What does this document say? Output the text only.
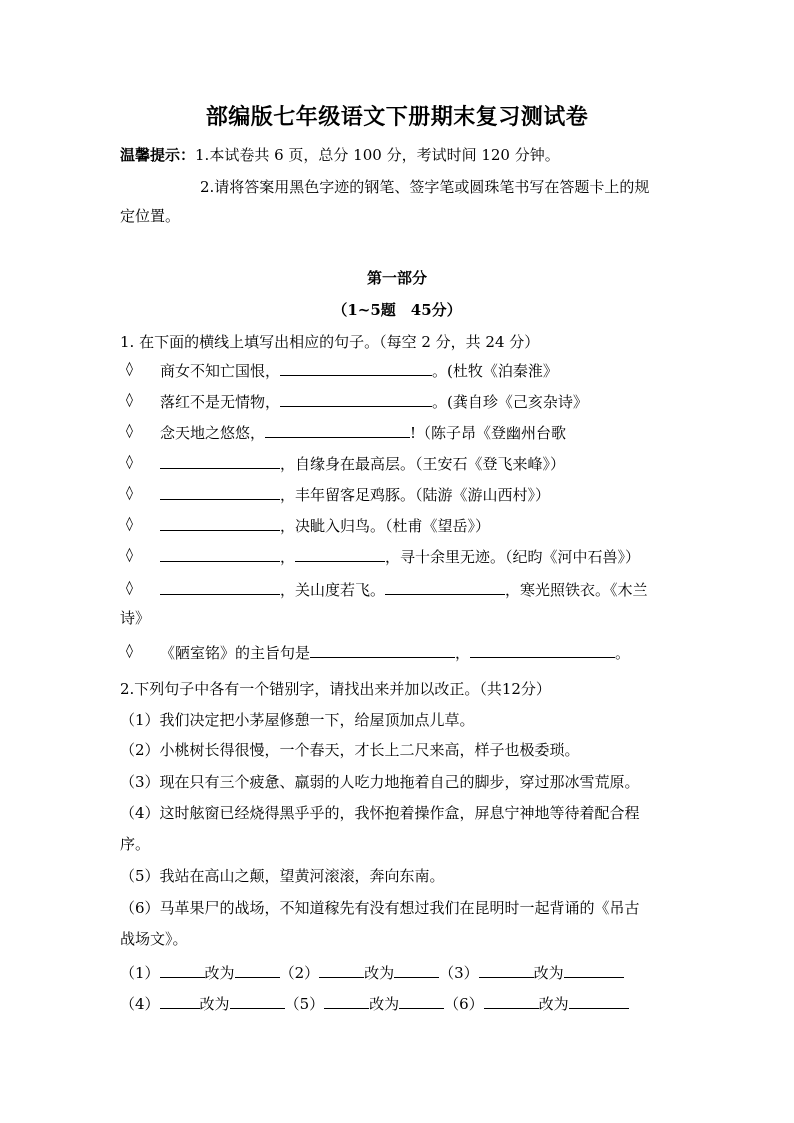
部编版七年级语文下册期末复习测试卷
温馨提示：1.本试卷共 6 页，总分 100 分，考试时间 120 分钟。
2.请将答案用黑色字迹的钢笔、签字笔或圆珠笔书写在答题卡上的规
定位置。
第一部分
（1~5题　45分）
1. 在下面的横线上填写出相应的句子。（每空 2 分，共 24 分）
◊ 商女不知亡国恨，	。(杜牧《泊秦淮》
◊ 落红不是无情物，	。(龚自珍《己亥杂诗》
◊ 念天地之悠悠，	!（陈子昂《登幽州台歌
◊	，自缘身在最高层。（王安石《登飞来峰》）
◊	，丰年留客足鸡豚。（陆游《游山西村》）
◊	，决眦入归鸟。（杜甫《望岳》）
◊	，	，寻十余里无迹。（纪昀《河中石兽》）
◊	，关山度若飞。	，寒光照铁衣。《木兰
诗》
◊ 《陋室铭》的主旨句是	，	。
2.下列句子中各有一个错别字，请找出来并加以改正。（共12分）
（1）我们决定把小茅屋修憩一下，给屋顶加点儿草。
（2）小桃树长得很慢，一个春天，才长上二尺来高，样子也极委琐。
（3）现在只有三个疲惫、羸弱的人吃力地拖着自己的脚步，穿过那冰雪荒原。
（4）这时舷窗已经烧得黑乎乎的，我怀抱着操作盒，屏息宁神地等待着配合程
序。
（5）我站在高山之颠，望黄河滚滚，奔向东南。
（6）马革果尸的战场，不知道稼先有没有想过我们在昆明时一起背诵的《吊古
战场文》。
（1）	改为	（2）	改为	（3）	改为
（4）	改为	（5）	改为	（6）	改为
